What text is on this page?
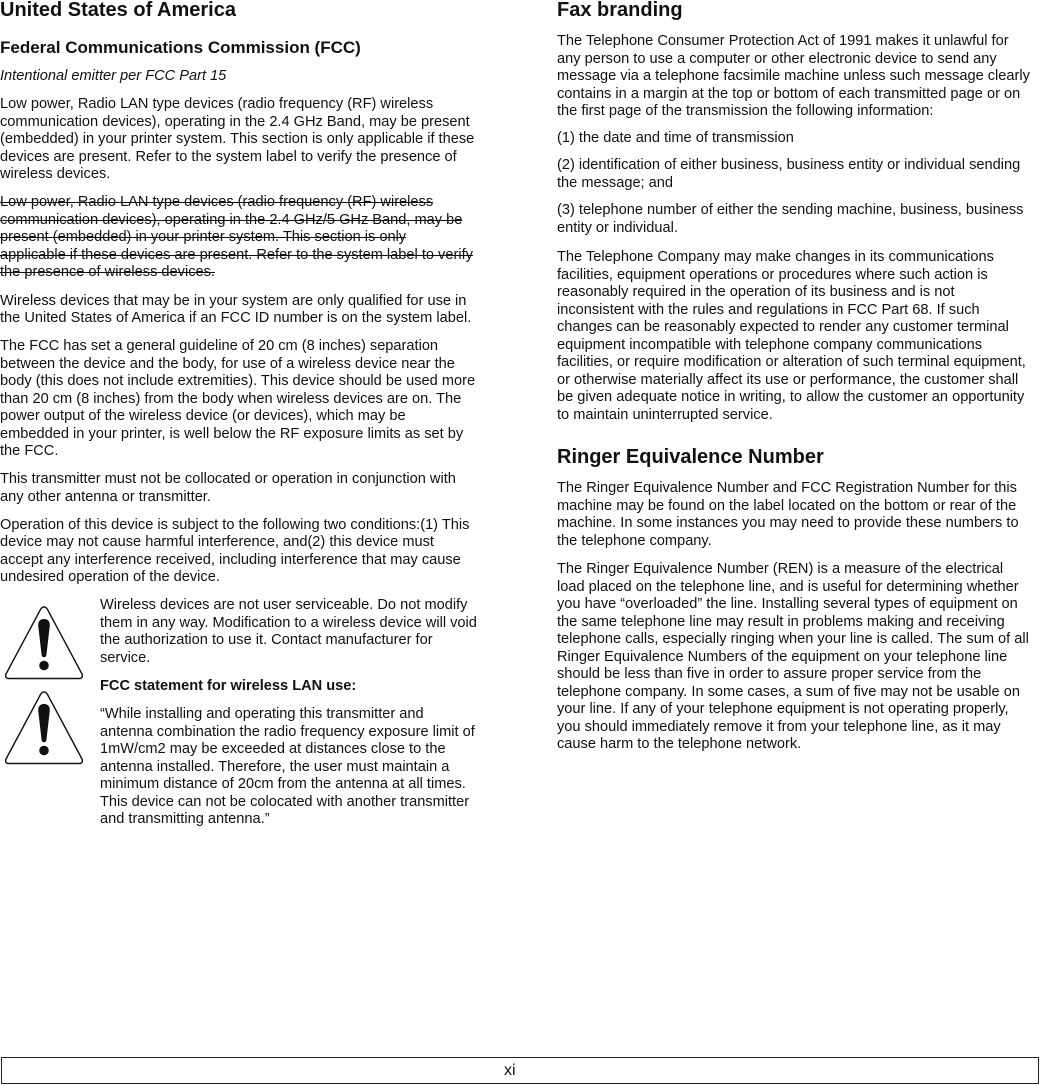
United States of America
Federal Communications Commission (FCC)

Intentional emitter per FCC Part 15

Low power, Radio LAN type devices (radio frequency (RF) wireless
communication devices), operating in the 2.4 GHz Band, may be present
(embedded) in your printer system. This section is only applicable if these
devices are present. Refer to the system label to verify the presence of
wireless devices.

Low power, Radio LAN type devices (radio frequency (RF) wireless
communication devices), operating in the 2.4 GHz/5 GHz Band, may be
present (embedded) in your printer system. This section is only
applicable if these devices are present. Refer to the system label to verify
the presence of wireless devices.

Wireless devices that may be in your system are only qualified for use in
the United States of America if an FCC ID number is on the system label.

The FCC has set a general guideline of 20 cm (8 inches) separation
between the device and the body, for use of a wireless device near the
body (this does not include extremities). This device should be used more
than 20 cm (8 inches) from the body when wireless devices are on. The
power output of the wireless device (or devices), which may be
embedded in your printer, is well below the RF exposure limits as set by
the FCC.

This transmitter must not be collocated or operation in conjunction with
any other antenna or transmitter.

Operation of this device is subject to the following two conditions:(1) This
device may not cause harmful interference, and(2) this device must
accept any interference received, including interference that may cause
undesired operation of the device.

Wireless devices are not user serviceable. Do not modify
them in any way. Modification to a wireless device will void
the authorization to use it. Contact manufacturer for
service.

FCC statement for wireless LAN use:

“While installing and operating this transmitter and
antenna combination the radio frequency exposure limit of
1mW/cm2 may be exceeded at distances close to the
antenna installed. Therefore, the user must maintain a
minimum distance of 20cm from the antenna at all times.
This device can not be colocated with another transmitter
and transmitting antenna.”

Fax branding

The Telephone Consumer Protection Act of 1991 makes it unlawful for
any person to use a computer or other electronic device to send any
message via a telephone facsimile machine unless such message clearly
contains in a margin at the top or bottom of each transmitted page or on
the first page of the transmission the following information:

(1) the date and time of transmission

(2) identification of either business, business entity or individual sending
the message; and

(3) telephone number of either the sending machine, business, business
entity or individual.

The Telephone Company may make changes in its communications
facilities, equipment operations or procedures where such action is
reasonably required in the operation of its business and is not
inconsistent with the rules and regulations in FCC Part 68. If such
changes can be reasonably expected to render any customer terminal
equipment incompatible with telephone company communications
facilities, or require modification or alteration of such terminal equipment,
or otherwise materially affect its use or performance, the customer shall
be given adequate notice in writing, to allow the customer an opportunity
to maintain uninterrupted service.

Ringer Equivalence Number

The Ringer Equivalence Number and FCC Registration Number for this
machine may be found on the label located on the bottom or rear of the
machine. In some instances you may need to provide these numbers to
the telephone company.

The Ringer Equivalence Number (REN) is a measure of the electrical
load placed on the telephone line, and is useful for determining whether
you have “overloaded” the line. Installing several types of equipment on
the same telephone line may result in problems making and receiving
telephone calls, especially ringing when your line is called. The sum of all
Ringer Equivalence Numbers of the equipment on your telephone line
should be less than five in order to assure proper service from the
telephone company. In some cases, a sum of five may not be usable on
your line. If any of your telephone equipment is not operating properly,
you should immediately remove it from your telephone line, as it may
cause harm to the telephone network.

xi
